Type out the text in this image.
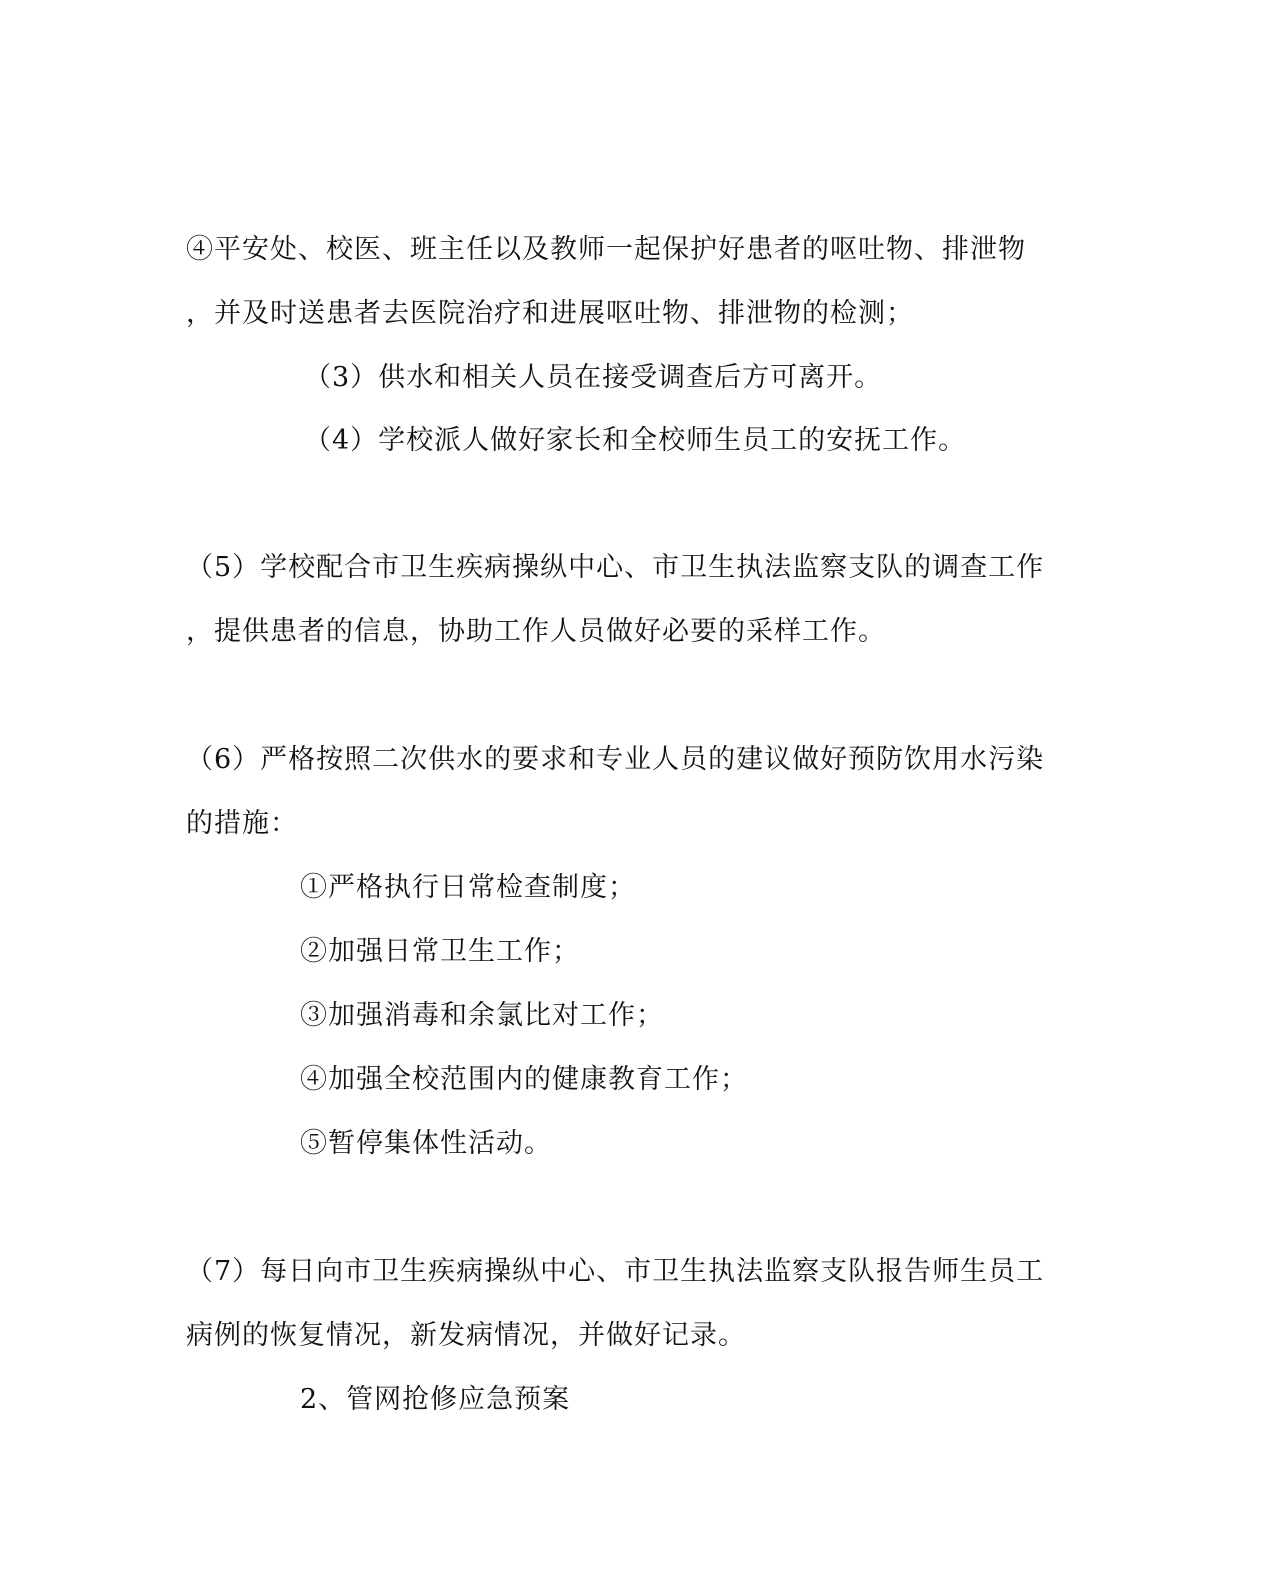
④平安处、校医、班主任以及教师一起保护好患者的呕吐物、排泄物
，并及时送患者去医院治疗和进展呕吐物、排泄物的检测；
（3）供水和相关人员在接受调查后方可离开。
（4）学校派人做好家长和全校师生员工的安抚工作。
（5）学校配合市卫生疾病操纵中心、市卫生执法监察支队的调查工作
，提供患者的信息，协助工作人员做好必要的采样工作。
（6）严格按照二次供水的要求和专业人员的建议做好预防饮用水污染
的措施：
①严格执行日常检查制度；
②加强日常卫生工作；
③加强消毒和余氯比对工作；
④加强全校范围内的健康教育工作；
⑤暂停集体性活动。
（7）每日向市卫生疾病操纵中心、市卫生执法监察支队报告师生员工
病例的恢复情况，新发病情况，并做好记录。
2、管网抢修应急预案
